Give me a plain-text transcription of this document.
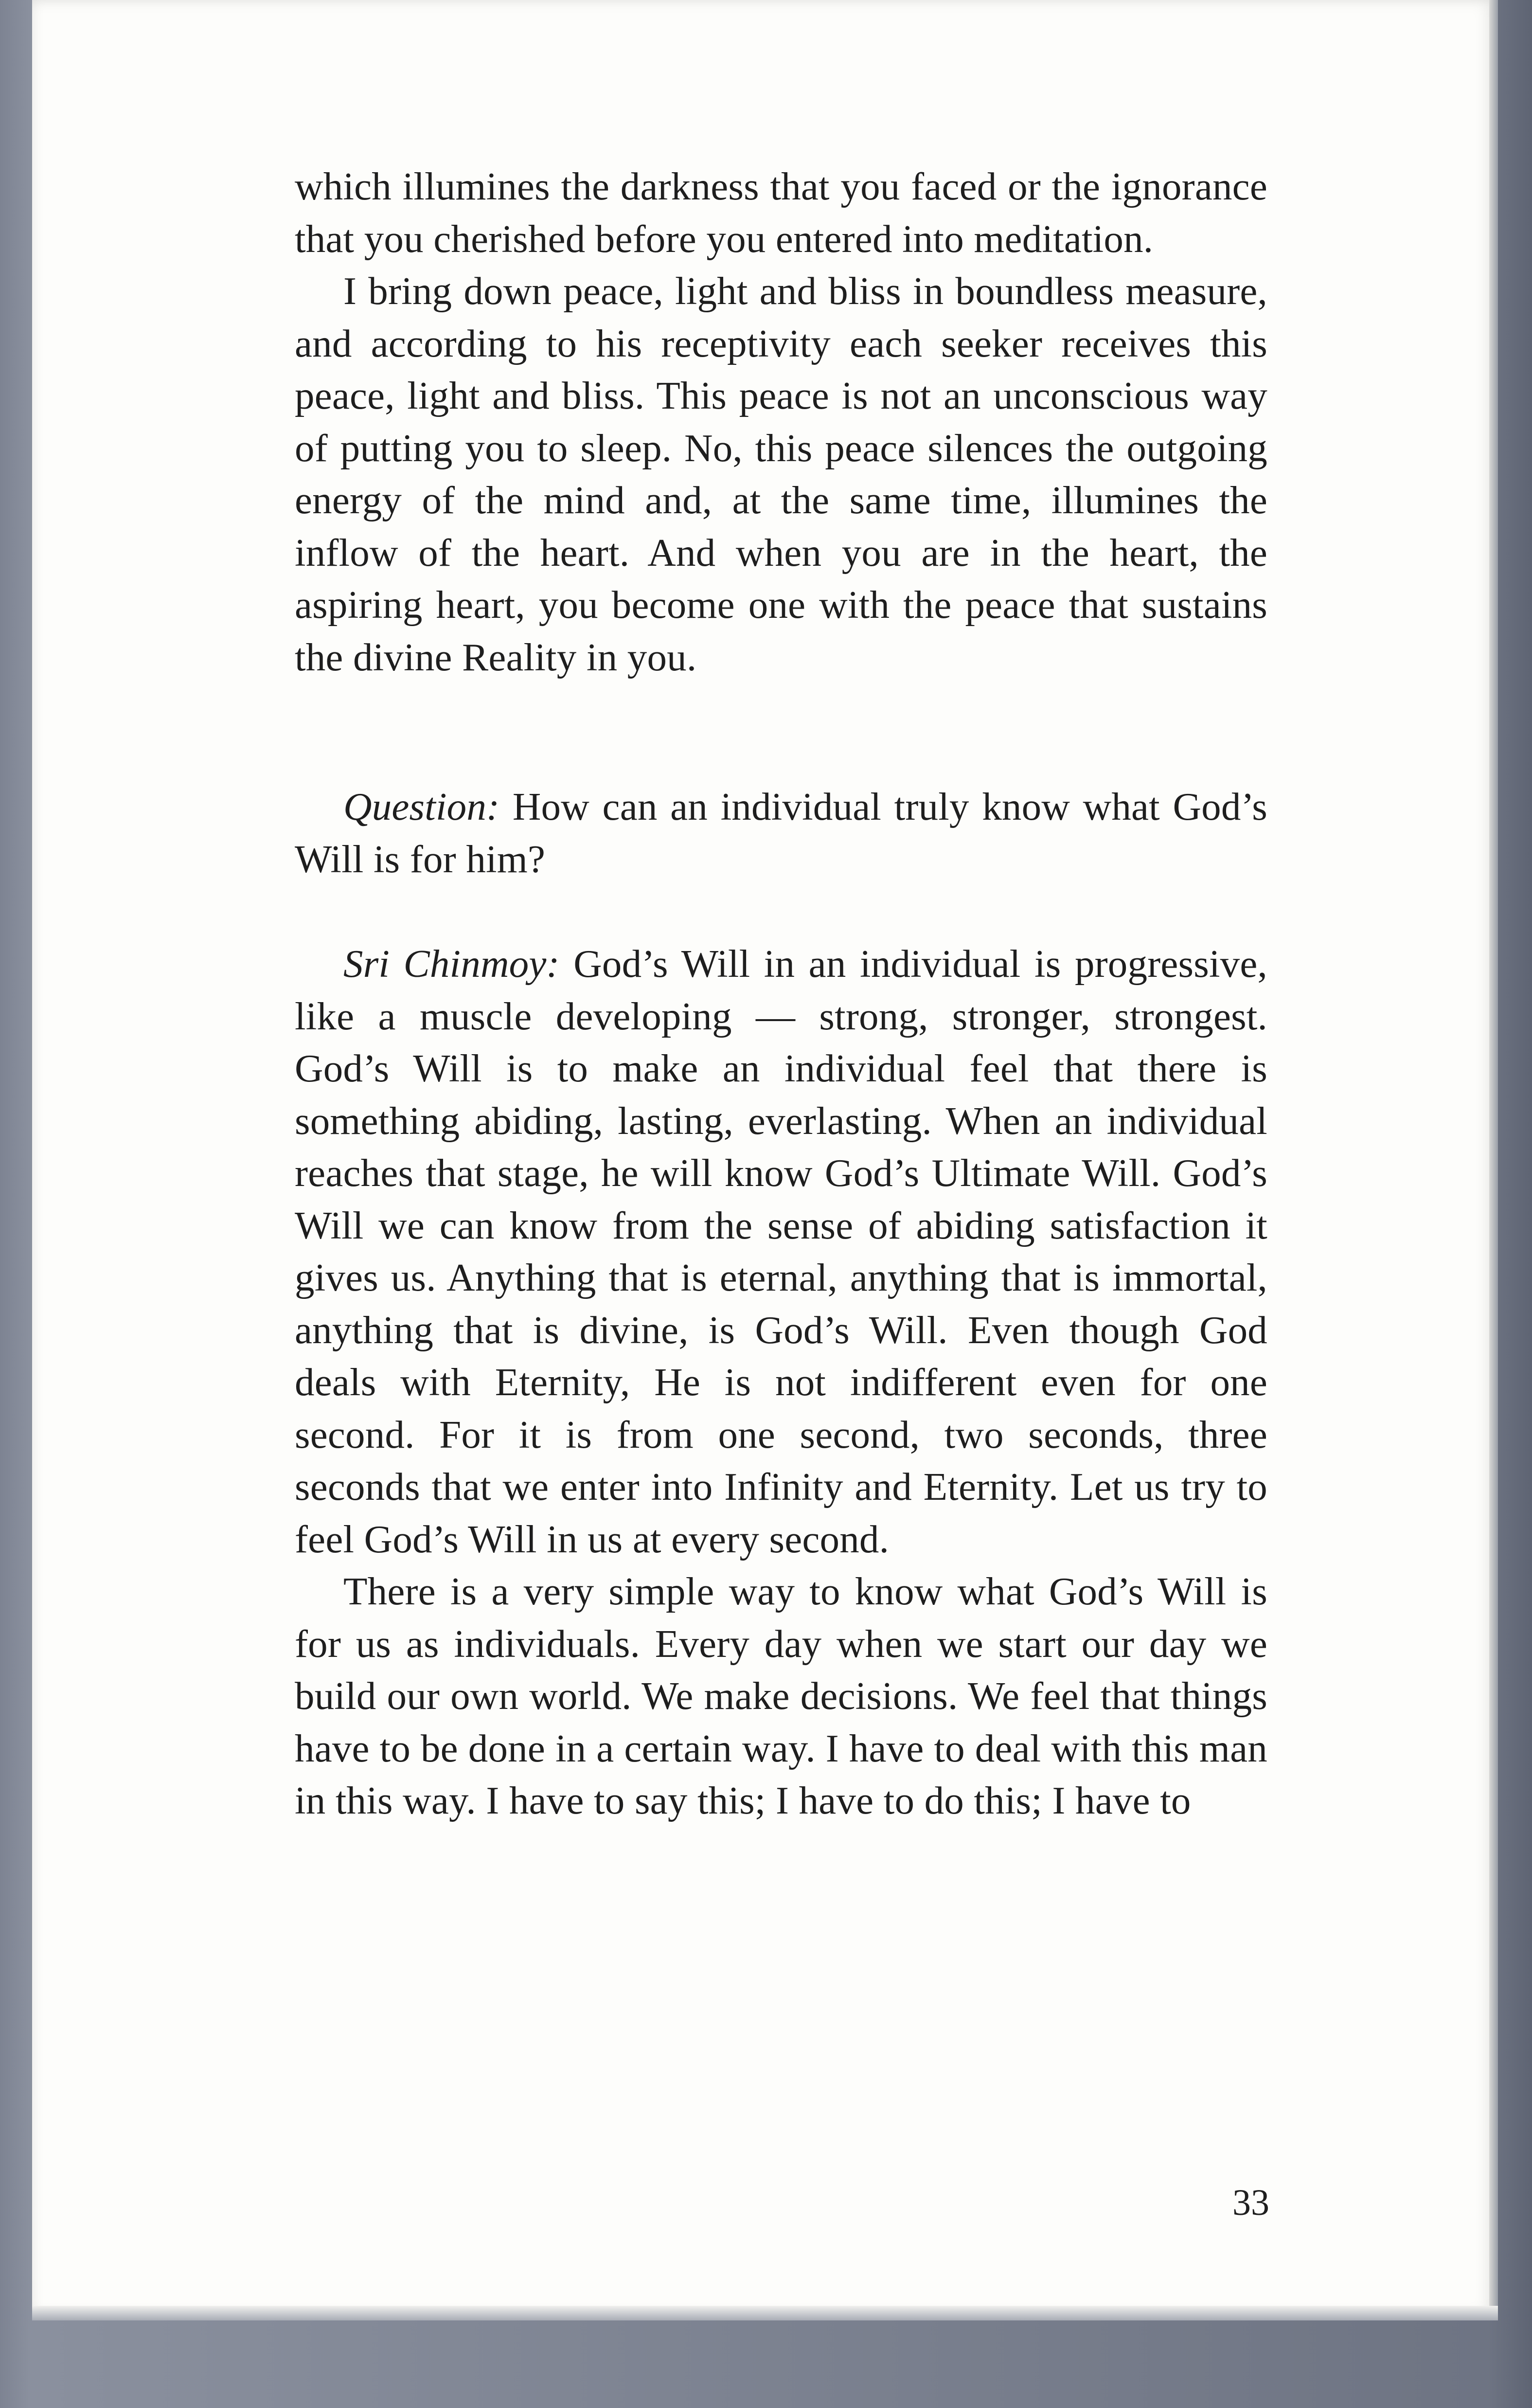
which illumines the darkness that you faced or the ignorance that you cherished before you entered into meditation.

I bring down peace, light and bliss in boundless measure, and according to his receptivity each seeker receives this peace, light and bliss. This peace is not an unconscious way of putting you to sleep. No, this peace silences the outgoing energy of the mind and, at the same time, illumines the inflow of the heart. And when you are in the heart, the aspiring heart, you become one with the peace that sustains the divine Reality in you.

Question: How can an individual truly know what God’s Will is for him?

Sri Chinmoy: God’s Will in an individual is progressive, like a muscle developing — strong, stronger, strongest. God’s Will is to make an individual feel that there is something abiding, lasting, everlasting. When an individual reaches that stage, he will know God’s Ultimate Will. God’s Will we can know from the sense of abiding satisfaction it gives us. Anything that is eternal, anything that is immortal, anything that is divine, is God’s Will. Even though God deals with Eternity, He is not indifferent even for one second. For it is from one second, two seconds, three seconds that we enter into Infinity and Eternity. Let us try to feel God’s Will in us at every second.

There is a very simple way to know what God’s Will is for us as individuals. Every day when we start our day we build our own world. We make decisions. We feel that things have to be done in a certain way. I have to deal with this man in this way. I have to say this; I have to do this; I have to

33
